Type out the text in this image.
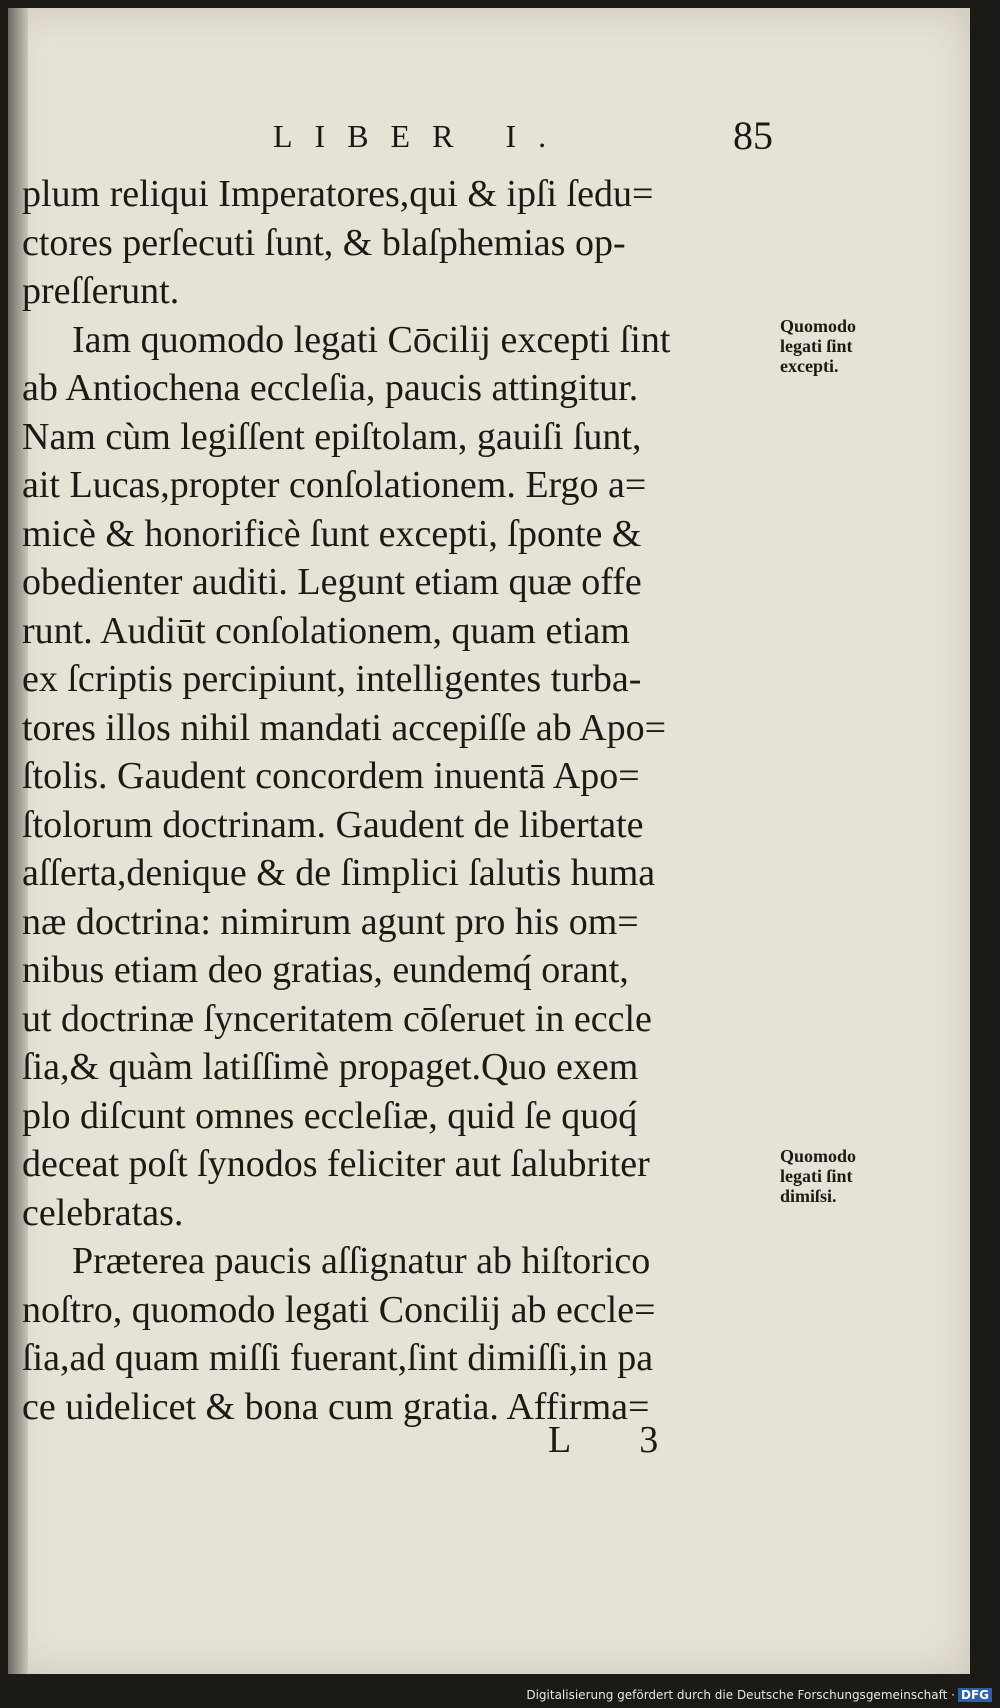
LIBER I.	85
plum reliqui Imperatores,qui & ipſi ſedu=
ctores perſecuti ſunt, & blaſphemias op-
preſſerunt.
Iam quomodo legati Cōcilij excepti ſint
ab Antiochena eccleſia, paucis attingitur.
Nam cùm legiſſent epiſtolam, gauiſi ſunt,
ait Lucas,propter conſolationem. Ergo a=
micè & honorificè ſunt excepti, ſponte &
obedienter auditi. Legunt etiam quæ offe
runt. Audiūt conſolationem, quam etiam
ex ſcriptis percipiunt, intelligentes turba-
tores illos nihil mandati accepiſſe ab Apo=
ſtolis. Gaudent concordem inuentā Apo=
ſtolorum doctrinam. Gaudent de libertate
aſſerta,denique & de ſimplici ſalutis huma
næ doctrina: nimirum agunt pro his om=
nibus etiam deo gratias, eundemq́ orant,
ut doctrinæ ſynceritatem cōſeruet in eccle
ſia,& quàm latiſſimè propaget.Quo exem
plo diſcunt omnes eccleſiæ, quid ſe quoq́
deceat poſt ſynodos feliciter aut ſalubriter
celebratas.
Præterea paucis aſſignatur ab hiſtorico
noſtro, quomodo legati Concilij ab eccle=
ſia,ad quam miſſi fuerant,ſint dimiſſi,in pa
ce uidelicet & bona cum gratia. Affirma=
Quomodo
legati ſint
excepti.
Quomodo
legati ſint
dimiſsi.
L 3
Digitalisierung gefördert durch die Deutsche Forschungsgemeinschaft · DFG
